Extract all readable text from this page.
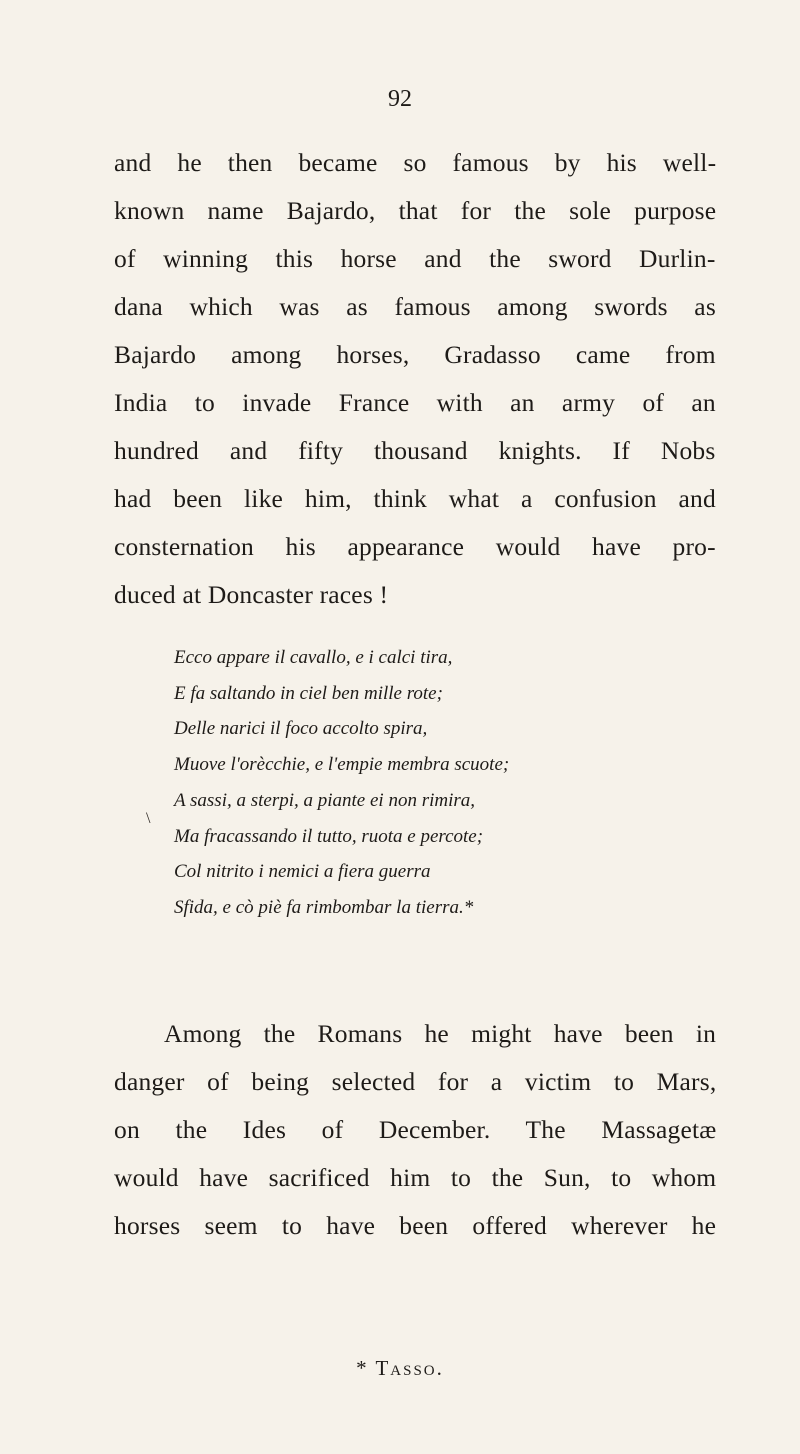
92

and he then became so famous by his well-
known name Bajardo, that for the sole purpose
of winning this horse and the sword Durlin-
dana which was as famous among swords as
Bajardo among horses, Gradasso came from
India to invade France with an army of an
hundred and fifty thousand knights. If Nobs
had been like him, think what a confusion and
consternation his appearance would have pro-
duced at Doncaster races !

Ecco appare il cavallo, e i calci tira,
E fa saltando in ciel ben mille rote;
Delle narici il foco accolto spira,
Muove l'orècchie, e l'empie membra scuote;
A sassi, a sterpi, a piante ei non rimira,
Ma fracassando il tutto, ruota e percote;
Col nitrito i nemici a fiera guerra
Sfida, e cò piè fa rimbombar la tierra.*
\

Among the Romans he might have been in
danger of being selected for a victim to Mars,
on the Ides of December. The Massagetæ
would have sacrificed him to the Sun, to whom
horses seem to have been offered wherever he

* Tasso.
